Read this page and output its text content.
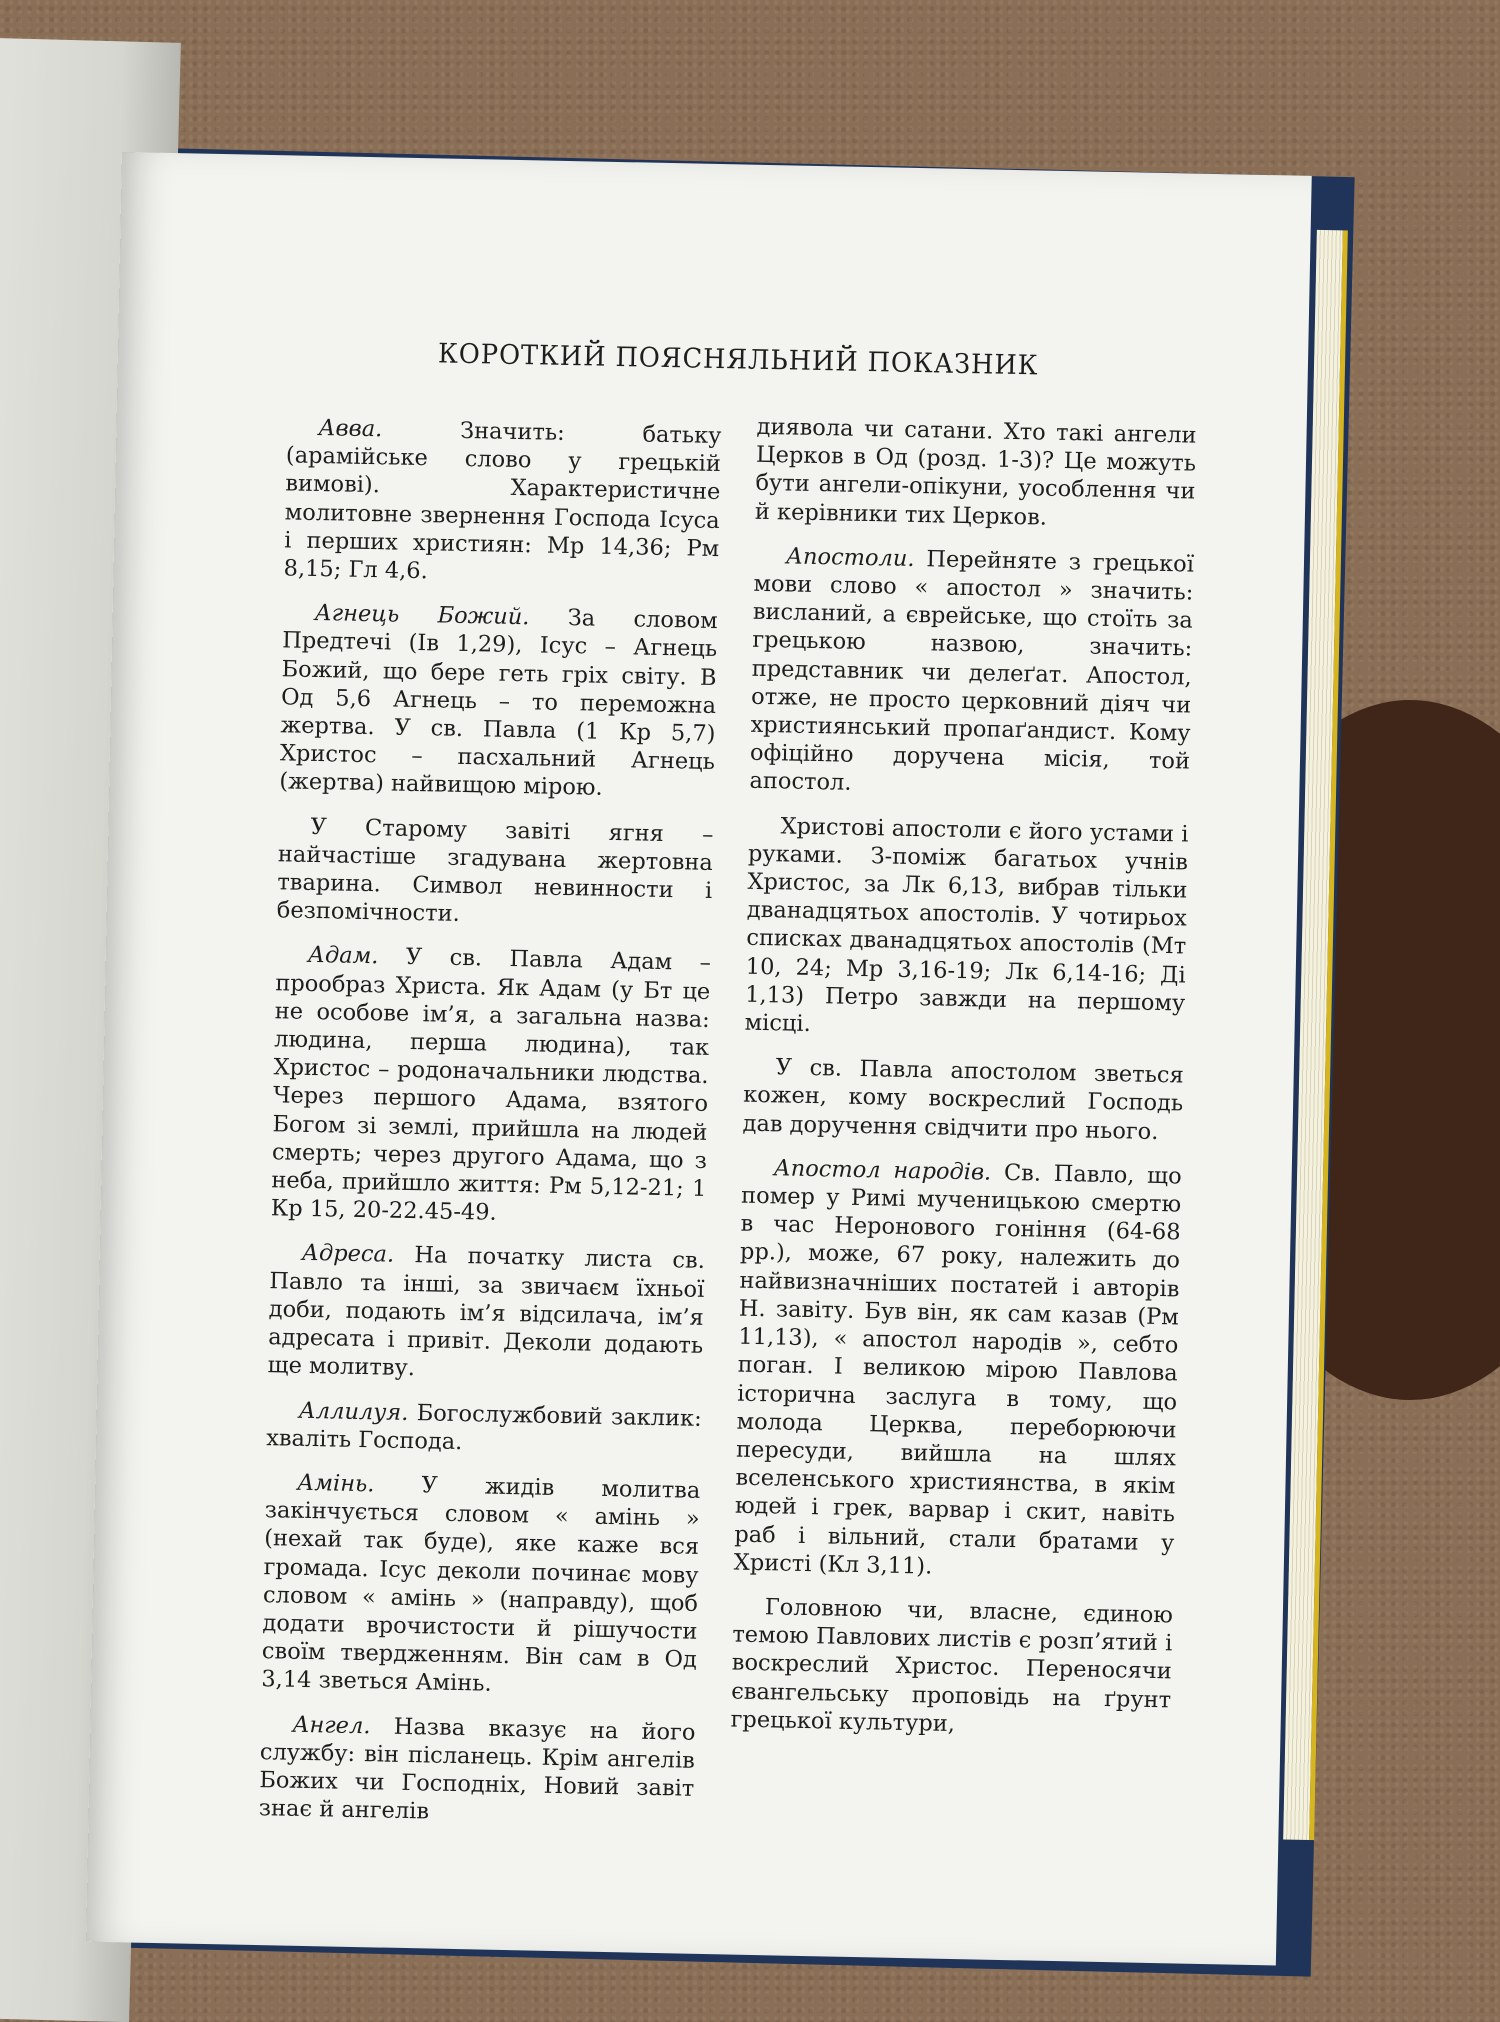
КОРОТКИЙ ПОЯСНЯЛЬНИЙ ПОКАЗНИК

Авва.	Значить: батьку (арамійське слово у грецькій вимові). Характеристичне молитовне звернення Господа Ісуса і перших християн: Мр 14,36; Рм 8,15; Гл 4,6.

Агнець Божий. За словом Предтечі (Ів 1,29), Ісус – Агнець Божий, що бере геть гріх світу. В Од 5,6 Агнець – то переможна жертва. У св. Павла (1 Кр 5,7) Христос – пасхальний Агнець (жертва) найвищою мірою.

У Старому завіті ягня – найчастіше згадувана жертовна тварина. Символ невинности і безпомічности.

Адам. У св. Павла Адам – прообраз Христа. Як Адам (у Бт це не особове ім’я, а загальна назва: людина, перша людина), так Христос – родоначальники людства. Через першого Адама, взятого Богом зі землі, прийшла на людей смерть; через другого Адама, що з неба, прийшло життя: Рм 5,12-21; 1 Кр 15, 20-22.45-49.

Адреса. На початку листа св. Павло та інші, за звичаєм їхньої доби, подають ім’я відсилача, ім’я адресата і привіт. Деколи додають ще молитву.

Аллилуя. Богослужбовий заклик: хваліть Господа.

Амінь. У жидів молитва закінчується словом « амінь » (нехай так буде), яке каже вся громада. Ісус деколи починає мову словом « амінь » (направду), щоб додати врочистости й рішучости своїм твердженням. Він сам в Од 3,14 зветься Амінь.

Ангел. Назва вказує на його службу: він післанець. Крім ангелів Божих чи Господніх, Новий завіт знає й ангелів

диявола чи сатани. Хто такі ангели Церков в Од (розд. 1-3)? Це можуть бути ангели-опікуни, уособлення чи й керівники тих Церков.

Апостоли. Перейняте з грецької мови слово « апостол » значить: висланий, а єврейське, що стоїть за грецькою назвою, значить: представник чи делеґат. Апостол, отже, не просто церковний діяч чи християнський пропаґандист. Кому офіційно доручена місія, той апостол.

Христові апостоли є його устами і руками. З-поміж багатьох учнів Христос, за Лк 6,13, вибрав тільки дванадцятьох апостолів. У чотирьох списках дванадцятьох апостолів (Мт 10, 24; Мр 3,16-19; Лк 6,14-16; Ді 1,13) Петро завжди на першому місці.

У св. Павла апостолом зветься кожен, кому воскреслий Господь дав доручення свідчити про нього.

Апостол народів. Св. Павло, що помер у Римі мученицькою смертю в час Неронового гоніння (64-68 рр.), може, 67 року, належить до найвизначніших постатей і авторів Н. завіту. Був він, як сам казав (Рм 11,13), « апостол народів », себто поган. І великою мірою Павлова історична заслуга в тому, що молода Церква, переборюючи пересуди, вийшла на шлях вселенського християнства, в якім юдей і грек, варвар і скит, навіть раб і вільний, стали братами у Христі (Кл 3,11).

Головною чи, власне, єдиною темою Павлових листів є розп’ятий і воскреслий Христос. Переносячи євангельську проповідь на ґрунт грецької культури,
